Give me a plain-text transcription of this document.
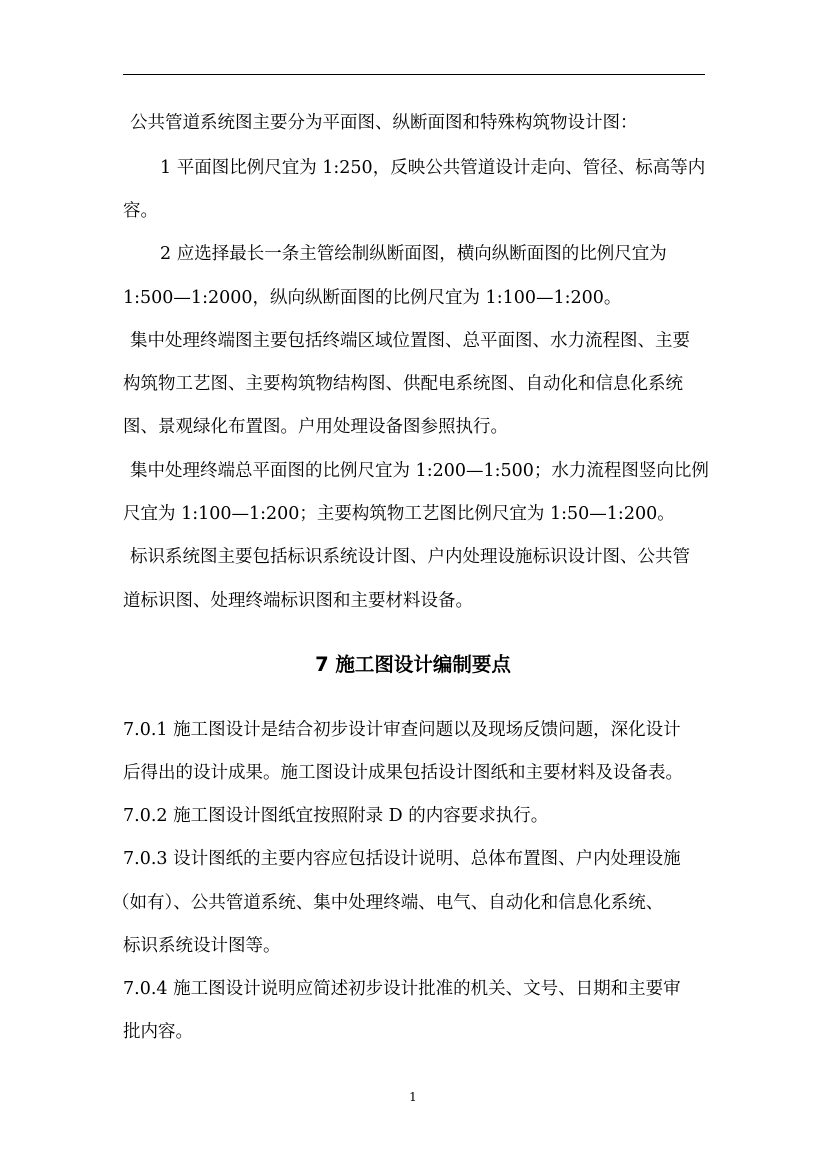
公共管道系统图主要分为平面图、纵断面图和特殊构筑物设计图：

1 平面图比例尺宜为 1:250，反映公共管道设计走向、管径、标高等内

容。

2 应选择最长一条主管绘制纵断面图，横向纵断面图的比例尺宜为

1:500—1:2000，纵向纵断面图的比例尺宜为 1:100—1:200。

集中处理终端图主要包括终端区域位置图、总平面图、水力流程图、主要

构筑物工艺图、主要构筑物结构图、供配电系统图、自动化和信息化系统

图、景观绿化布置图。户用处理设备图参照执行。

集中处理终端总平面图的比例尺宜为 1:200—1:500；水力流程图竖向比例

尺宜为 1:100—1:200；主要构筑物工艺图比例尺宜为 1:50—1:200。

标识系统图主要包括标识系统设计图、户内处理设施标识设计图、公共管

道标识图、处理终端标识图和主要材料设备。

7 施工图设计编制要点

7.0.1 施工图设计是结合初步设计审查问题以及现场反馈问题，深化设计

后得出的设计成果。施工图设计成果包括设计图纸和主要材料及设备表。

7.0.2 施工图设计图纸宜按照附录 D 的内容要求执行。

7.0.3 设计图纸的主要内容应包括设计说明、总体布置图、户内处理设施

（如有）、公共管道系统、集中处理终端、电气、自动化和信息化系统、

标识系统设计图等。

7.0.4 施工图设计说明应简述初步设计批准的机关、文号、日期和主要审

批内容。

1
